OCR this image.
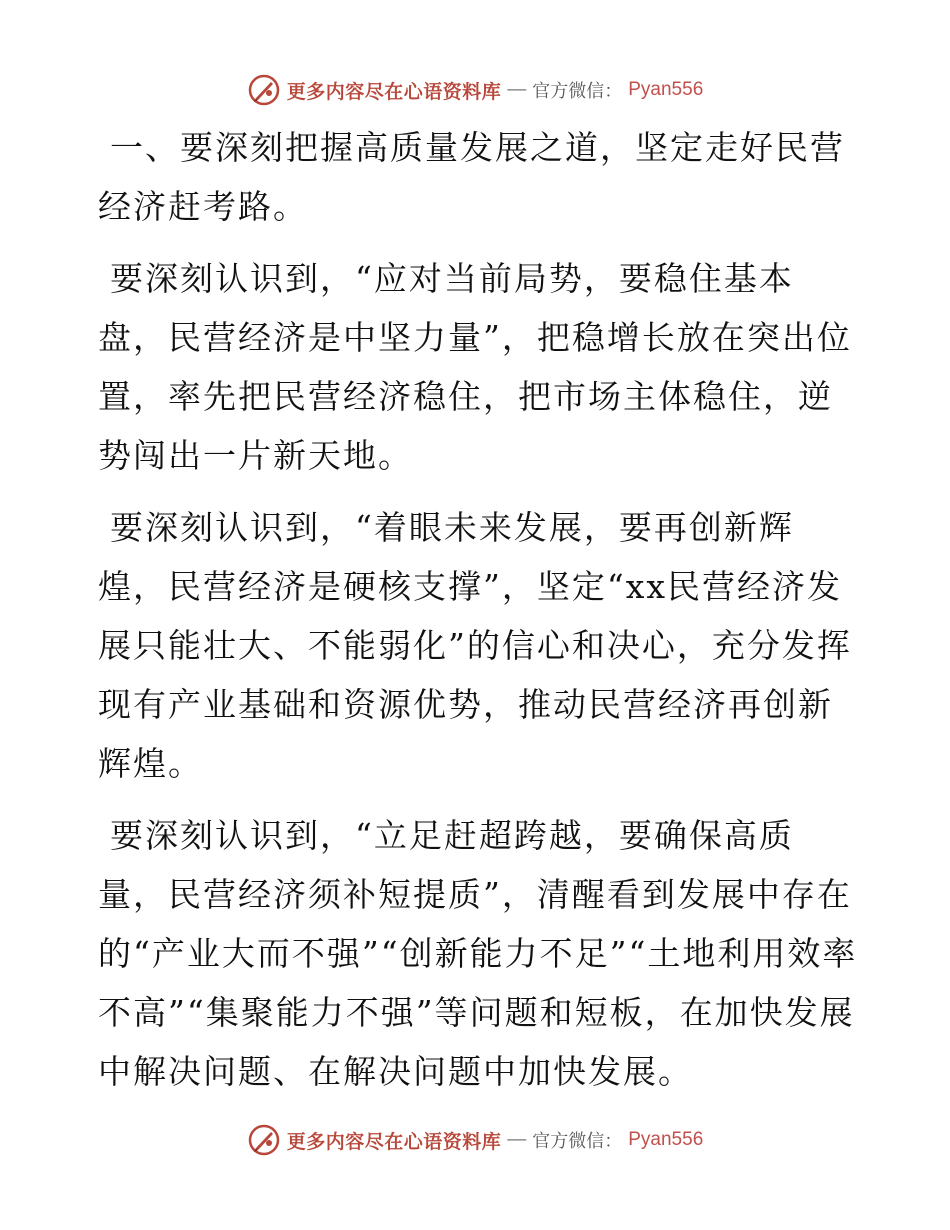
更多内容尽在心语资料库 — 官方微信： Pyan556

一、要深刻把握高质量发展之道，坚定走好民营经济赶考路。

要深刻认识到，“应对当前局势，要稳住基本盘，民营经济是中坚力量”，把稳增长放在突出位置，率先把民营经济稳住，把市场主体稳住，逆势闯出一片新天地。

要深刻认识到，“着眼未来发展，要再创新辉煌，民营经济是硬核支撑”，坚定“xx民营经济发展只能壮大、不能弱化”的信心和决心，充分发挥现有产业基础和资源优势，推动民营经济再创新辉煌。

要深刻认识到，“立足赶超跨越，要确保高质量，民营经济须补短提质”，清醒看到发展中存在的“产业大而不强”“创新能力不足”“土地利用效率不高”“集聚能力不强”等问题和短板，在加快发展中解决问题、在解决问题中加快发展。

更多内容尽在心语资料库 — 官方微信： Pyan556
